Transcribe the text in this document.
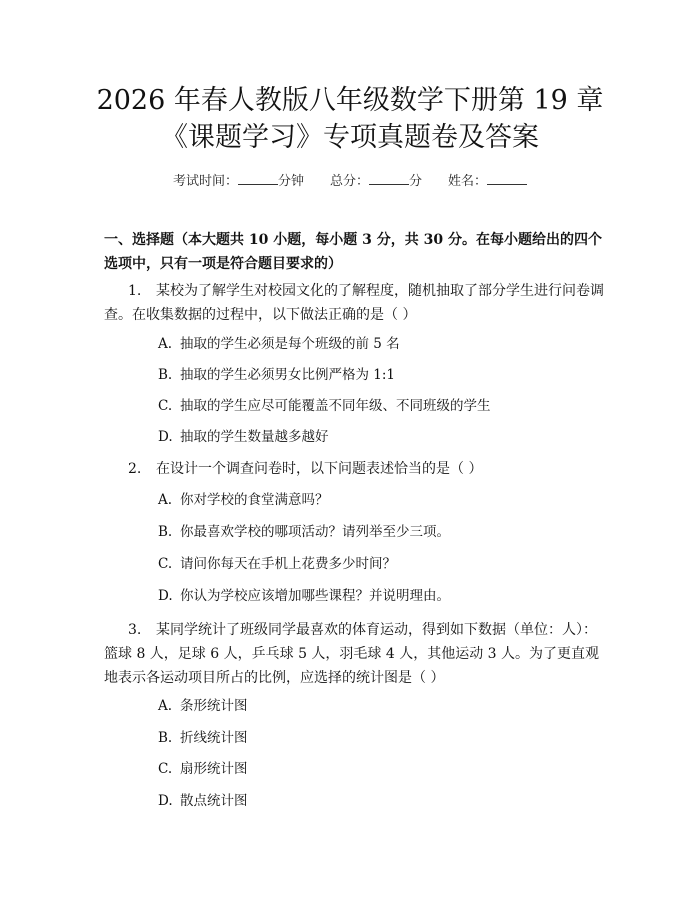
2026 年春人教版八年级数学下册第 19 章
《课题学习》专项真题卷及答案
考试时间：	分钟 总分：	分 姓名：
一、选择题（本大题共 10 小题，每小题 3 分，共 30 分。在每小题给出的四个选项中，只有一项是符合题目要求的）
1. 某校为了解学生对校园文化的了解程度，随机抽取了部分学生进行问卷调查。在收集数据的过程中，以下做法正确的是（ ）
A. 抽取的学生必须是每个班级的前 5 名
B. 抽取的学生必须男女比例严格为 1:1
C. 抽取的学生应尽可能覆盖不同年级、不同班级的学生
D. 抽取的学生数量越多越好
2. 在设计一个调查问卷时，以下问题表述恰当的是（ ）
A. 你对学校的食堂满意吗？
B. 你最喜欢学校的哪项活动？请列举至少三项。
C. 请问你每天在手机上花费多少时间？
D. 你认为学校应该增加哪些课程？并说明理由。
3. 某同学统计了班级同学最喜欢的体育运动，得到如下数据（单位：人）：篮球 8 人，足球 6 人，乒乓球 5 人，羽毛球 4 人，其他运动 3 人。为了更直观地表示各运动项目所占的比例，应选择的统计图是（ ）
A. 条形统计图
B. 折线统计图
C. 扇形统计图
D. 散点统计图
